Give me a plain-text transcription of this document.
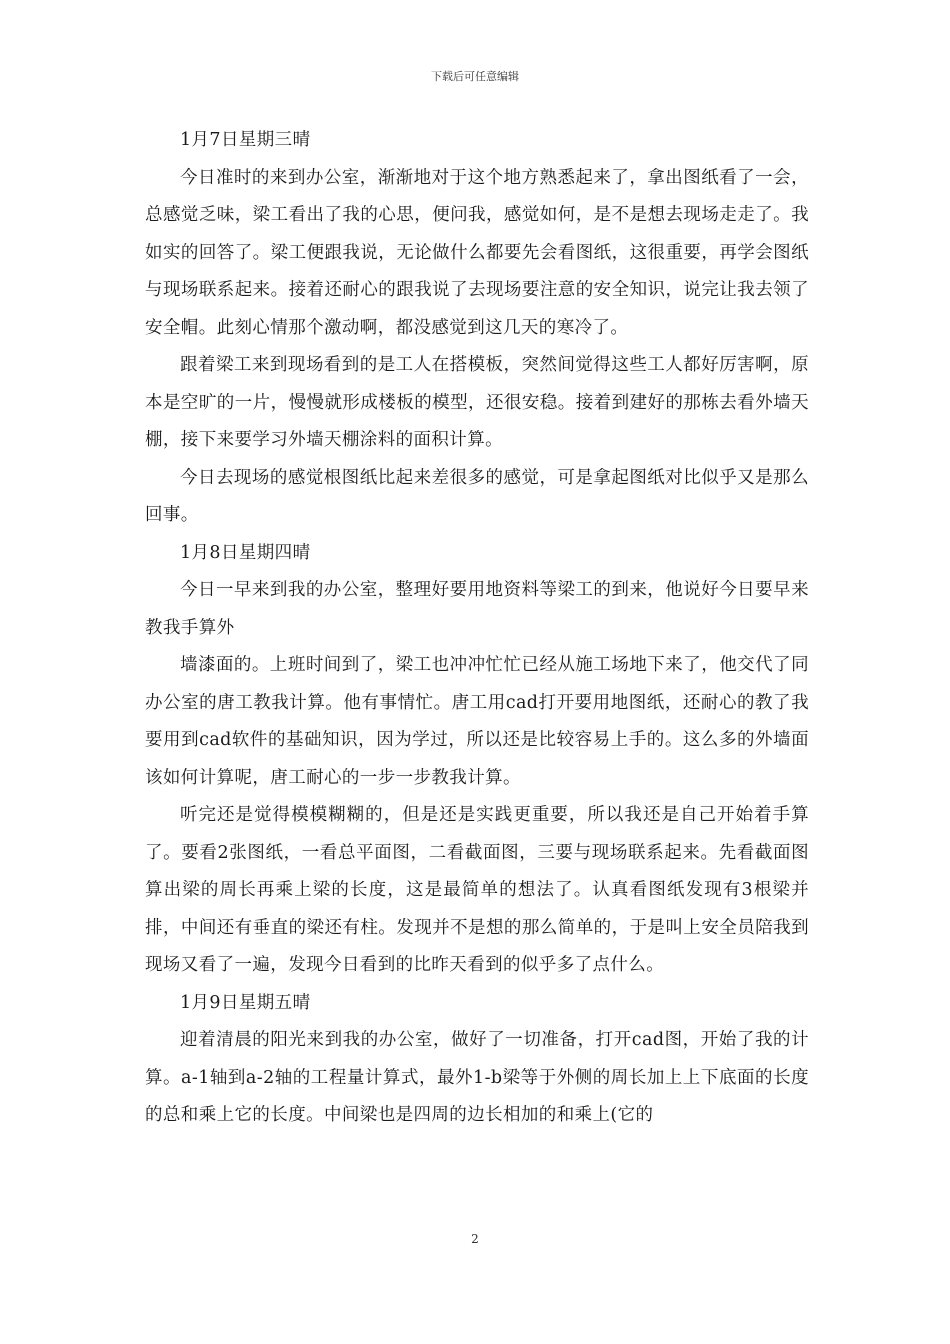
下载后可任意编辑

1月7日星期三晴

今日准时的来到办公室，渐渐地对于这个地方熟悉起来了，拿出图纸看了一会，总感觉乏味，梁工看出了我的心思，便问我，感觉如何，是不是想去现场走走了。我如实的回答了。梁工便跟我说，无论做什么都要先会看图纸，这很重要，再学会图纸与现场联系起来。接着还耐心的跟我说了去现场要注意的安全知识，说完让我去领了安全帽。此刻心情那个激动啊，都没感觉到这几天的寒冷了。

跟着梁工来到现场看到的是工人在搭模板，突然间觉得这些工人都好厉害啊，原本是空旷的一片，慢慢就形成楼板的模型，还很安稳。接着到建好的那栋去看外墙天棚，接下来要学习外墙天棚涂料的面积计算。

今日去现场的感觉根图纸比起来差很多的感觉，可是拿起图纸对比似乎又是那么回事。

1月8日星期四晴

今日一早来到我的办公室，整理好要用地资料等梁工的到来，他说好今日要早来教我手算外

墙漆面的。上班时间到了，梁工也冲冲忙忙已经从施工场地下来了，他交代了同办公室的唐工教我计算。他有事情忙。唐工用cad打开要用地图纸，还耐心的教了我要用到cad软件的基础知识，因为学过，所以还是比较容易上手的。这么多的外墙面该如何计算呢，唐工耐心的一步一步教我计算。

听完还是觉得模模糊糊的，但是还是实践更重要，所以我还是自己开始着手算了。要看2张图纸，一看总平面图，二看截面图，三要与现场联系起来。先看截面图算出梁的周长再乘上梁的长度，这是最简单的想法了。认真看图纸发现有3根梁并排，中间还有垂直的梁还有柱。发现并不是想的那么简单的，于是叫上安全员陪我到现场又看了一遍，发现今日看到的比昨天看到的似乎多了点什么。

1月9日星期五晴

迎着清晨的阳光来到我的办公室，做好了一切准备，打开cad图，开始了我的计算。a-1轴到a-2轴的工程量计算式，最外1-b梁等于外侧的周长加上上下底面的长度的总和乘上它的长度。中间梁也是四周的边长相加的和乘上(它的

2
